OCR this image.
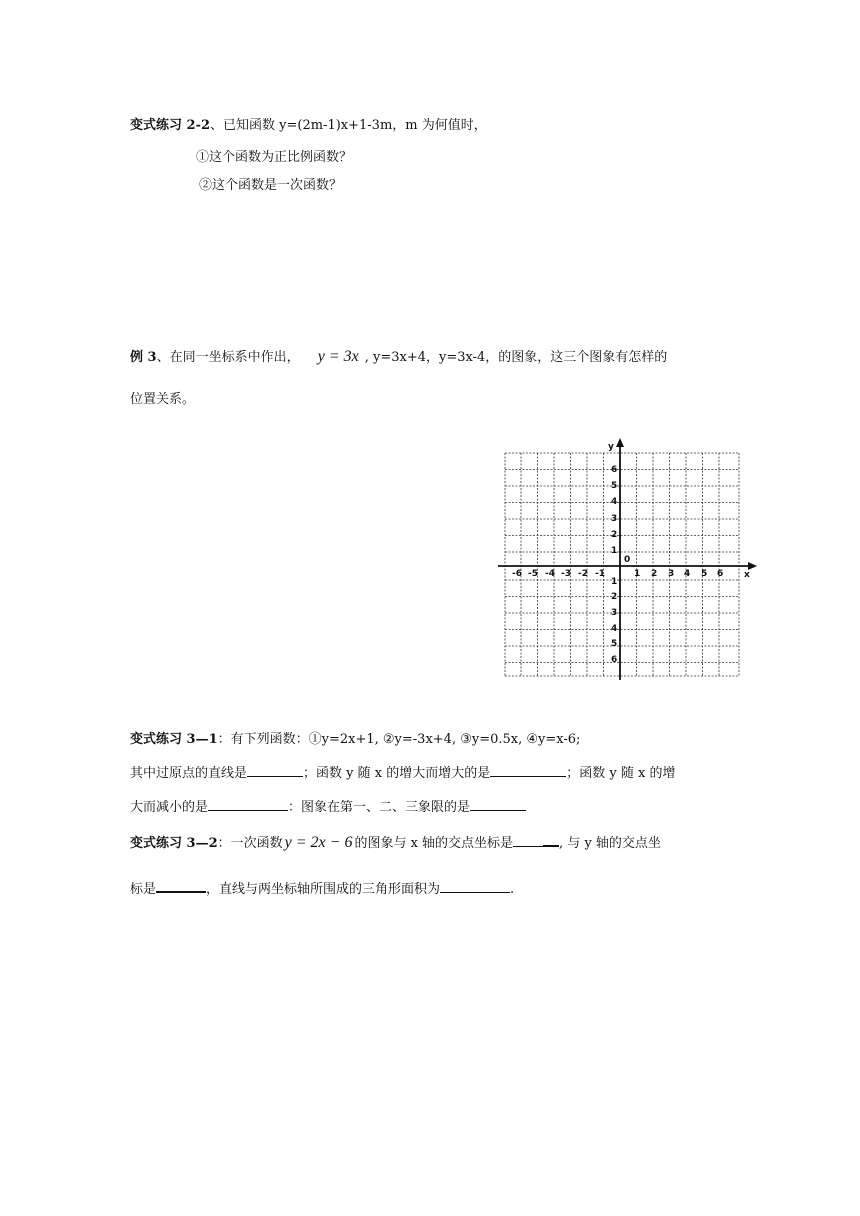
变式练习 2-2、已知函数 y=(2m-1)x+1-3m，m 为何值时，
①这个函数为正比例函数？
②这个函数是一次函数？
例 3、在同一坐标系中作出， y = 3x , y=3x+4，y=3x-4，的图象，这三个图象有怎样的
位置关系。
x
y
0
-6 -5 -4 -3 -2 -1	1 2 3 4 5 6
6
5
4
3
2
1
1
2
3
4
5
6
变式练习 3—1：有下列函数：①y=2x+1, ②y=-3x+4, ③y=0.5x, ④y=x-6;
其中过原点的直线是	；函数 y 随 x 的增大而增大的是	；函数 y 随 x 的增
大而减小的是	：图象在第一、二、三象限的是
变式练习 3—2：一次函数 y = 2x − 6 的图象与 x 轴的交点坐标是	, 与 y 轴的交点坐
标是	，直线与两坐标轴所围成的三角形面积为	.
